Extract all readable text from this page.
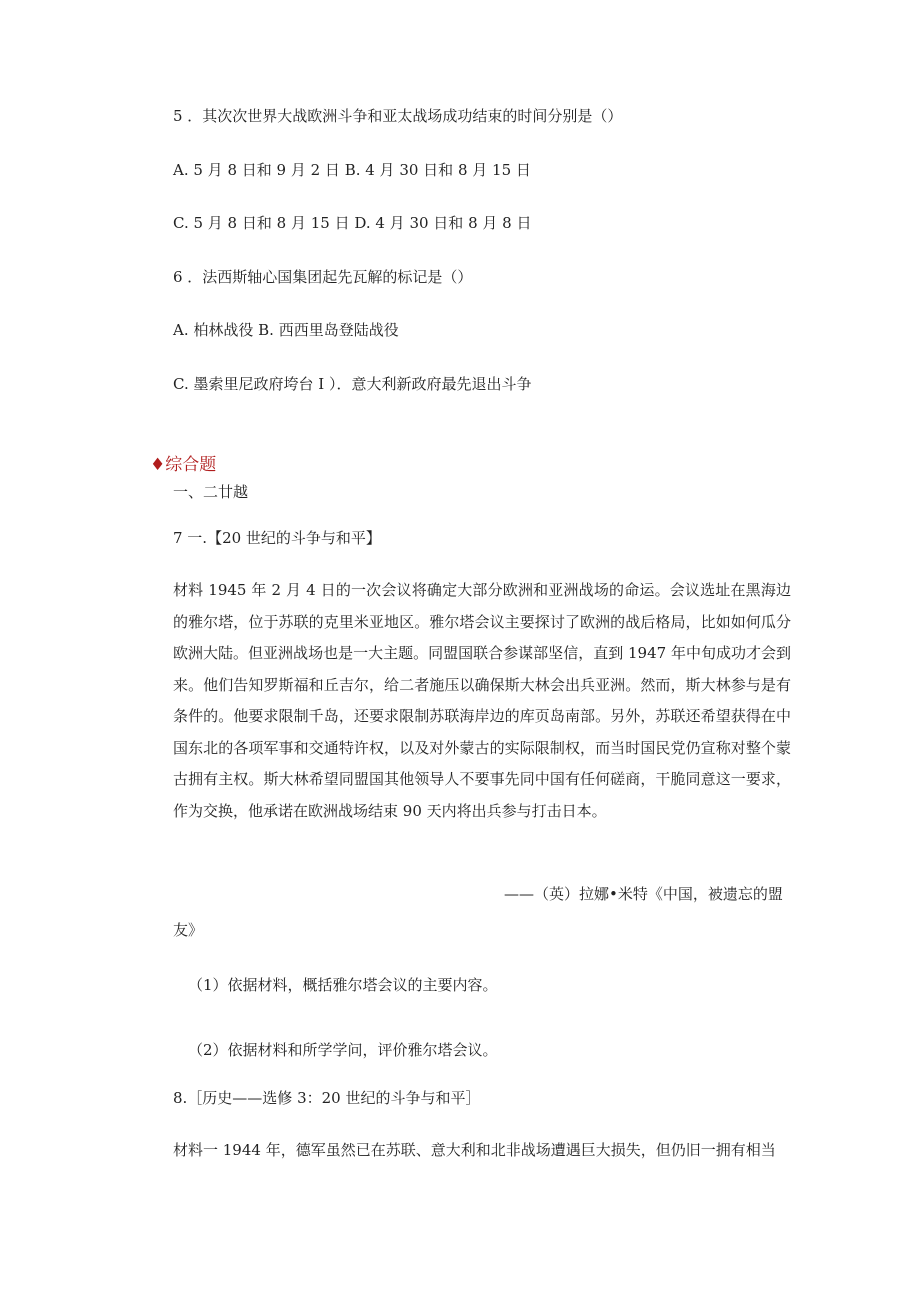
5 ．其次次世界大战欧洲斗争和亚太战场成功结束的时间分别是（）
A. 5 月 8 日和 9 月 2 日 B. 4 月 30 日和 8 月 15 日
C. 5 月 8 日和 8 月 15 日 D. 4 月 30 日和 8 月 8 日
6 ．法西斯轴心国集团起先瓦解的标记是（）
A. 柏林战役 B. 西西里岛登陆战役
C. 墨索里尼政府垮台 I ）．意大利新政府最先退出斗争
♦综合题
一、二廿越
7 一.【20 世纪的斗争与和平】
材料 1945 年 2 月 4 日的一次会议将确定大部分欧洲和亚洲战场的命运。会议选址在黑海边的雅尔塔，位于苏联的克里米亚地区。雅尔塔会议主要探讨了欧洲的战后格局，比如如何瓜分欧洲大陆。但亚洲战场也是一大主题。同盟国联合参谋部坚信，直到 1947 年中旬成功才会到来。他们告知罗斯福和丘吉尔，给二者施压以确保斯大林会出兵亚洲。然而，斯大林参与是有条件的。他要求限制千岛，还要求限制苏联海岸边的库页岛南部。另外，苏联还希望获得在中国东北的各项军事和交通特许权，以及对外蒙古的实际限制权，而当时国民党仍宣称对整个蒙古拥有主权。斯大林希望同盟国其他领导人不要事先同中国有任何磋商，干脆同意这一要求，作为交换，他承诺在欧洲战场结束 90 天内将出兵参与打击日本。
——（英）拉娜•米特《中国，被遗忘的盟
友》
（1）依据材料，概括雅尔塔会议的主要内容。
（2）依据材料和所学学问，评价雅尔塔会议。
8.［历史——选修 3：20 世纪的斗争与和平］
材料一 1944 年，德军虽然已在苏联、意大利和北非战场遭遇巨大损失，但仍旧一拥有相当
